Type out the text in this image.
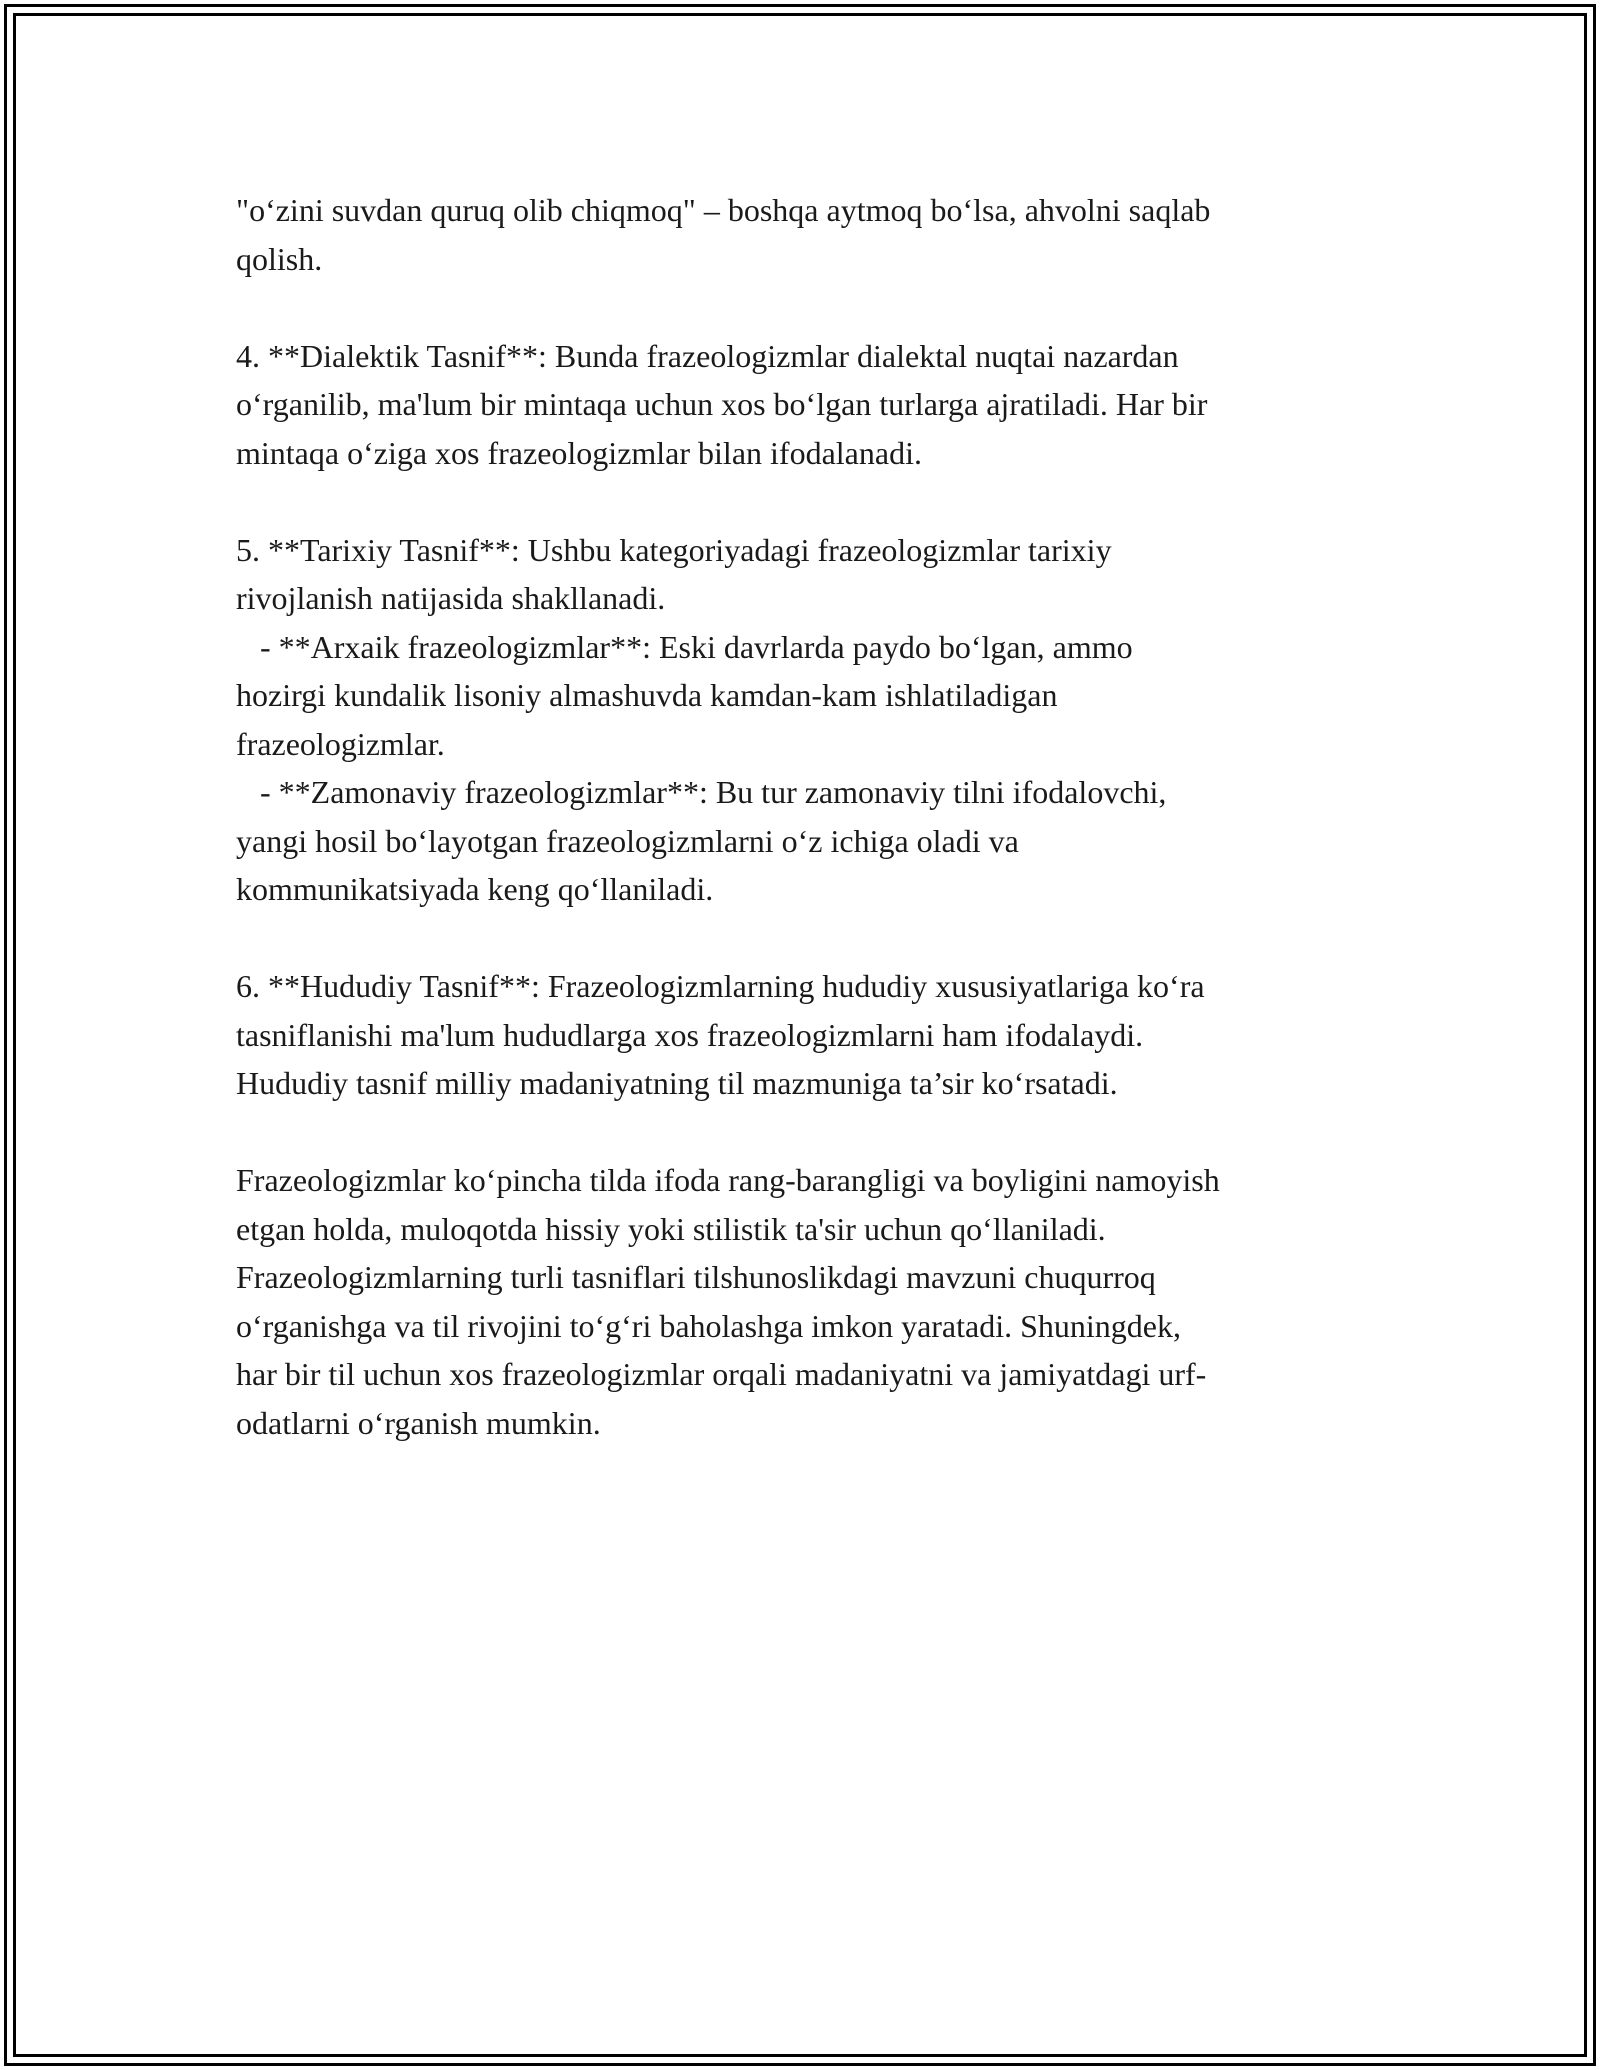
"o‘zini suvdan quruq olib chiqmoq" – boshqa aytmoq bo‘lsa, ahvolni saqlab
qolish.
4. **Dialektik Tasnif**: Bunda frazeologizmlar dialektal nuqtai nazardan
o‘rganilib, ma'lum bir mintaqa uchun xos bo‘lgan turlarga ajratiladi. Har bir
mintaqa o‘ziga xos frazeologizmlar bilan ifodalanadi.
5. **Tarixiy Tasnif**: Ushbu kategoriyadagi frazeologizmlar tarixiy
rivojlanish natijasida shakllanadi.
- **Arxaik frazeologizmlar**: Eski davrlarda paydo bo‘lgan, ammo
hozirgi kundalik lisoniy almashuvda kamdan-kam ishlatiladigan
frazeologizmlar.
- **Zamonaviy frazeologizmlar**: Bu tur zamonaviy tilni ifodalovchi,
yangi hosil bo‘layotgan frazeologizmlarni o‘z ichiga oladi va
kommunikatsiyada keng qo‘llaniladi.
6. **Hududiy Tasnif**: Frazeologizmlarning hududiy xususiyatlariga ko‘ra
tasniflanishi ma'lum hududlarga xos frazeologizmlarni ham ifodalaydi.
Hududiy tasnif milliy madaniyatning til mazmuniga ta’sir ko‘rsatadi.
Frazeologizmlar ko‘pincha tilda ifoda rang-barangligi va boyligini namoyish
etgan holda, muloqotda hissiy yoki stilistik ta'sir uchun qo‘llaniladi.
Frazeologizmlarning turli tasniflari tilshunoslikdagi mavzuni chuqurroq
o‘rganishga va til rivojini to‘g‘ri baholashga imkon yaratadi. Shuningdek,
har bir til uchun xos frazeologizmlar orqali madaniyatni va jamiyatdagi urf-
odatlarni o‘rganish mumkin.
